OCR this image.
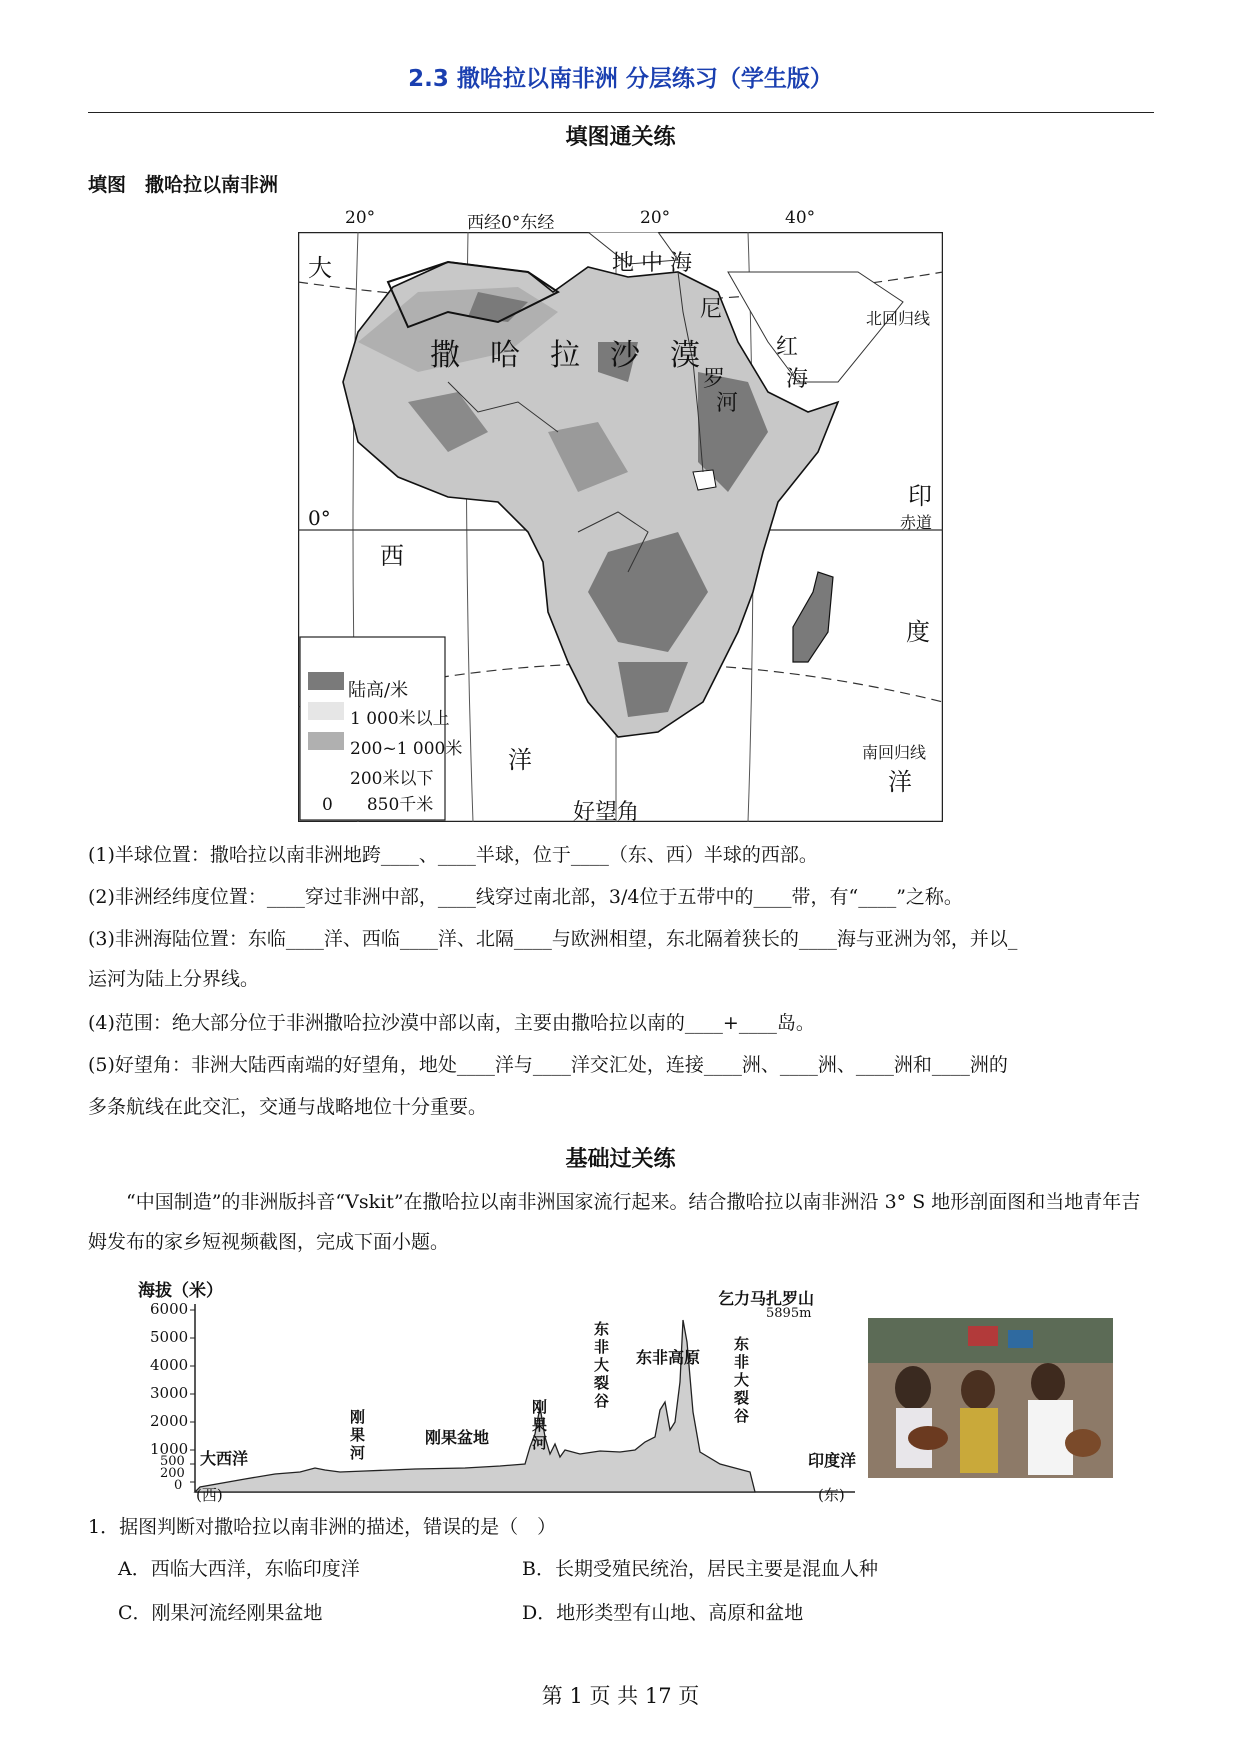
2.3 撒哈拉以南非洲 分层练习（学生版）
填图通关练
填图　撒哈拉以南非洲
20°	西经0°东经	20°	40°
大
西
洋
地 中 海
撒　哈　拉　沙　漠
尼
罗
河
红
海
印
度
洋
北回归线
赤道
南回归线
好望角
0°
陆高/米
1 000米以上
200~1 000米
200米以下
0　　850千米
(1)半球位置：撒哈拉以南非洲地跨____、____半球，位于____（东、西）半球的西部。
(2)非洲经纬度位置：____穿过非洲中部，____线穿过南北部，3/4位于五带中的____带，有“____”之称。
(3)非洲海陆位置：东临____洋、西临____洋、北隔____与欧洲相望，东北隔着狭长的____海与亚洲为邻，并以_
运河为陆上分界线。
(4)范围：绝大部分位于非洲撒哈拉沙漠中部以南，主要由撒哈拉以南的____+____岛。
(5)好望角：非洲大陆西南端的好望角，地处____洋与____洋交汇处，连接____洲、____洲、____洲和____洲的
多条航线在此交汇，交通与战略地位十分重要。
基础过关练
“中国制造”的非洲版抖音“Vskit”在撒哈拉以南非洲国家流行起来。结合撒哈拉以南非洲沿 3° S 地形剖面图和当地青年吉姆发布的家乡短视频截图，完成下面小题。
海拔（米）
6000
5000
4000
3000
2000
1000
500
200
0
大西洋
刚果河
刚果盆地
刚果河
东非大裂谷
东非高原
东非大裂谷
乞力马扎罗山
5895m
印度洋
(西)	(东)
1．据图判断对撒哈拉以南非洲的描述，错误的是（　）
A．西临大西洋，东临印度洋	B．长期受殖民统治，居民主要是混血人种
C．刚果河流经刚果盆地	D．地形类型有山地、高原和盆地
第 1 页 共 17 页
